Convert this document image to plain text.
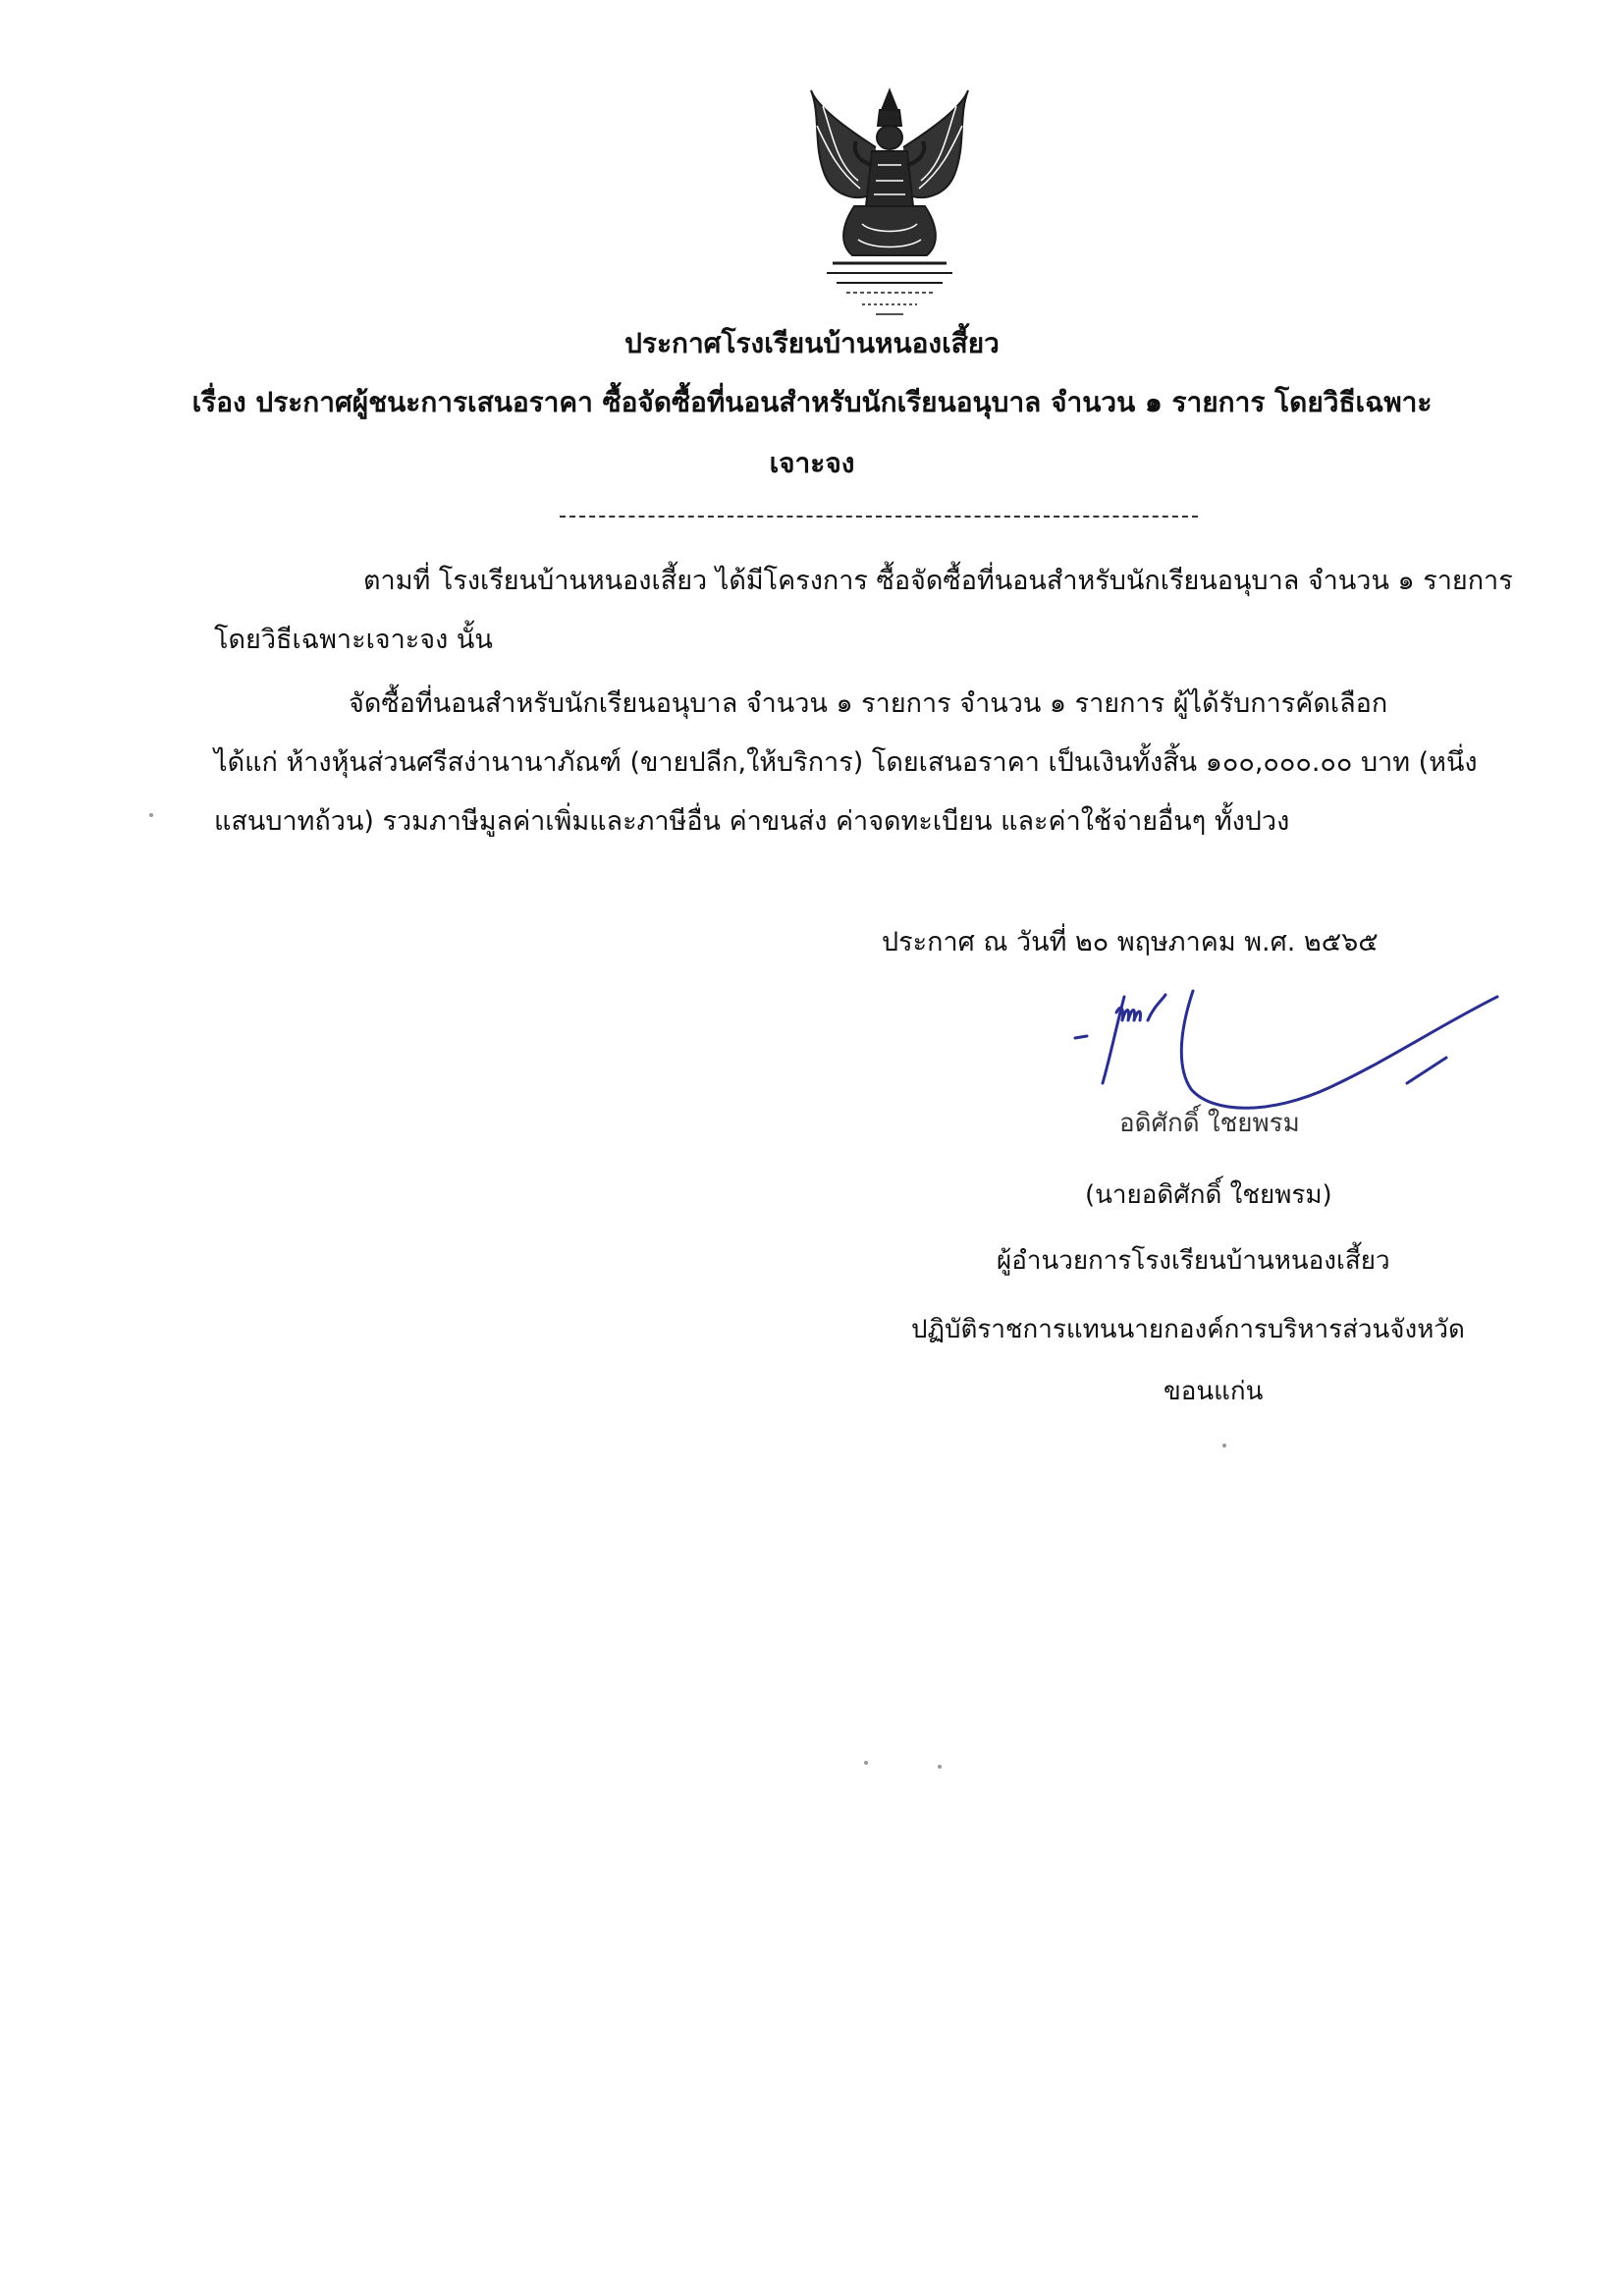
ประกาศโรงเรียนบ้านหนองเสี้ยว
เรื่อง ประกาศผู้ชนะการเสนอราคา ซื้อจัดซื้อที่นอนสำหรับนักเรียนอนุบาล จำนวน ๑ รายการ โดยวิธีเฉพาะ
เจาะจง
ตามที่ โรงเรียนบ้านหนองเสี้ยว ได้มีโครงการ ซื้อจัดซื้อที่นอนสำหรับนักเรียนอนุบาล จำนวน ๑ รายการ
โดยวิธีเฉพาะเจาะจง นั้น
จัดซื้อที่นอนสำหรับนักเรียนอนุบาล จำนวน ๑ รายการ จำนวน ๑ รายการ ผู้ได้รับการคัดเลือก
ได้แก่ ห้างหุ้นส่วนศรีสง่านานาภัณฑ์ (ขายปลีก,ให้บริการ) โดยเสนอราคา เป็นเงินทั้งสิ้น ๑๐๐,๐๐๐.๐๐ บาท (หนึ่ง
แสนบาทถ้วน) รวมภาษีมูลค่าเพิ่มและภาษีอื่น ค่าขนส่ง ค่าจดทะเบียน และค่าใช้จ่ายอื่นๆ ทั้งปวง
ประกาศ ณ วันที่ ๒๐ พฤษภาคม พ.ศ. ๒๕๖๕
อดิศักดิ์ ใชยพรม
(นายอดิศักดิ์ ใชยพรม)
ผู้อำนวยการโรงเรียนบ้านหนองเสี้ยว
ปฏิบัติราชการแทนนายกองค์การบริหารส่วนจังหวัด
ขอนแก่น
